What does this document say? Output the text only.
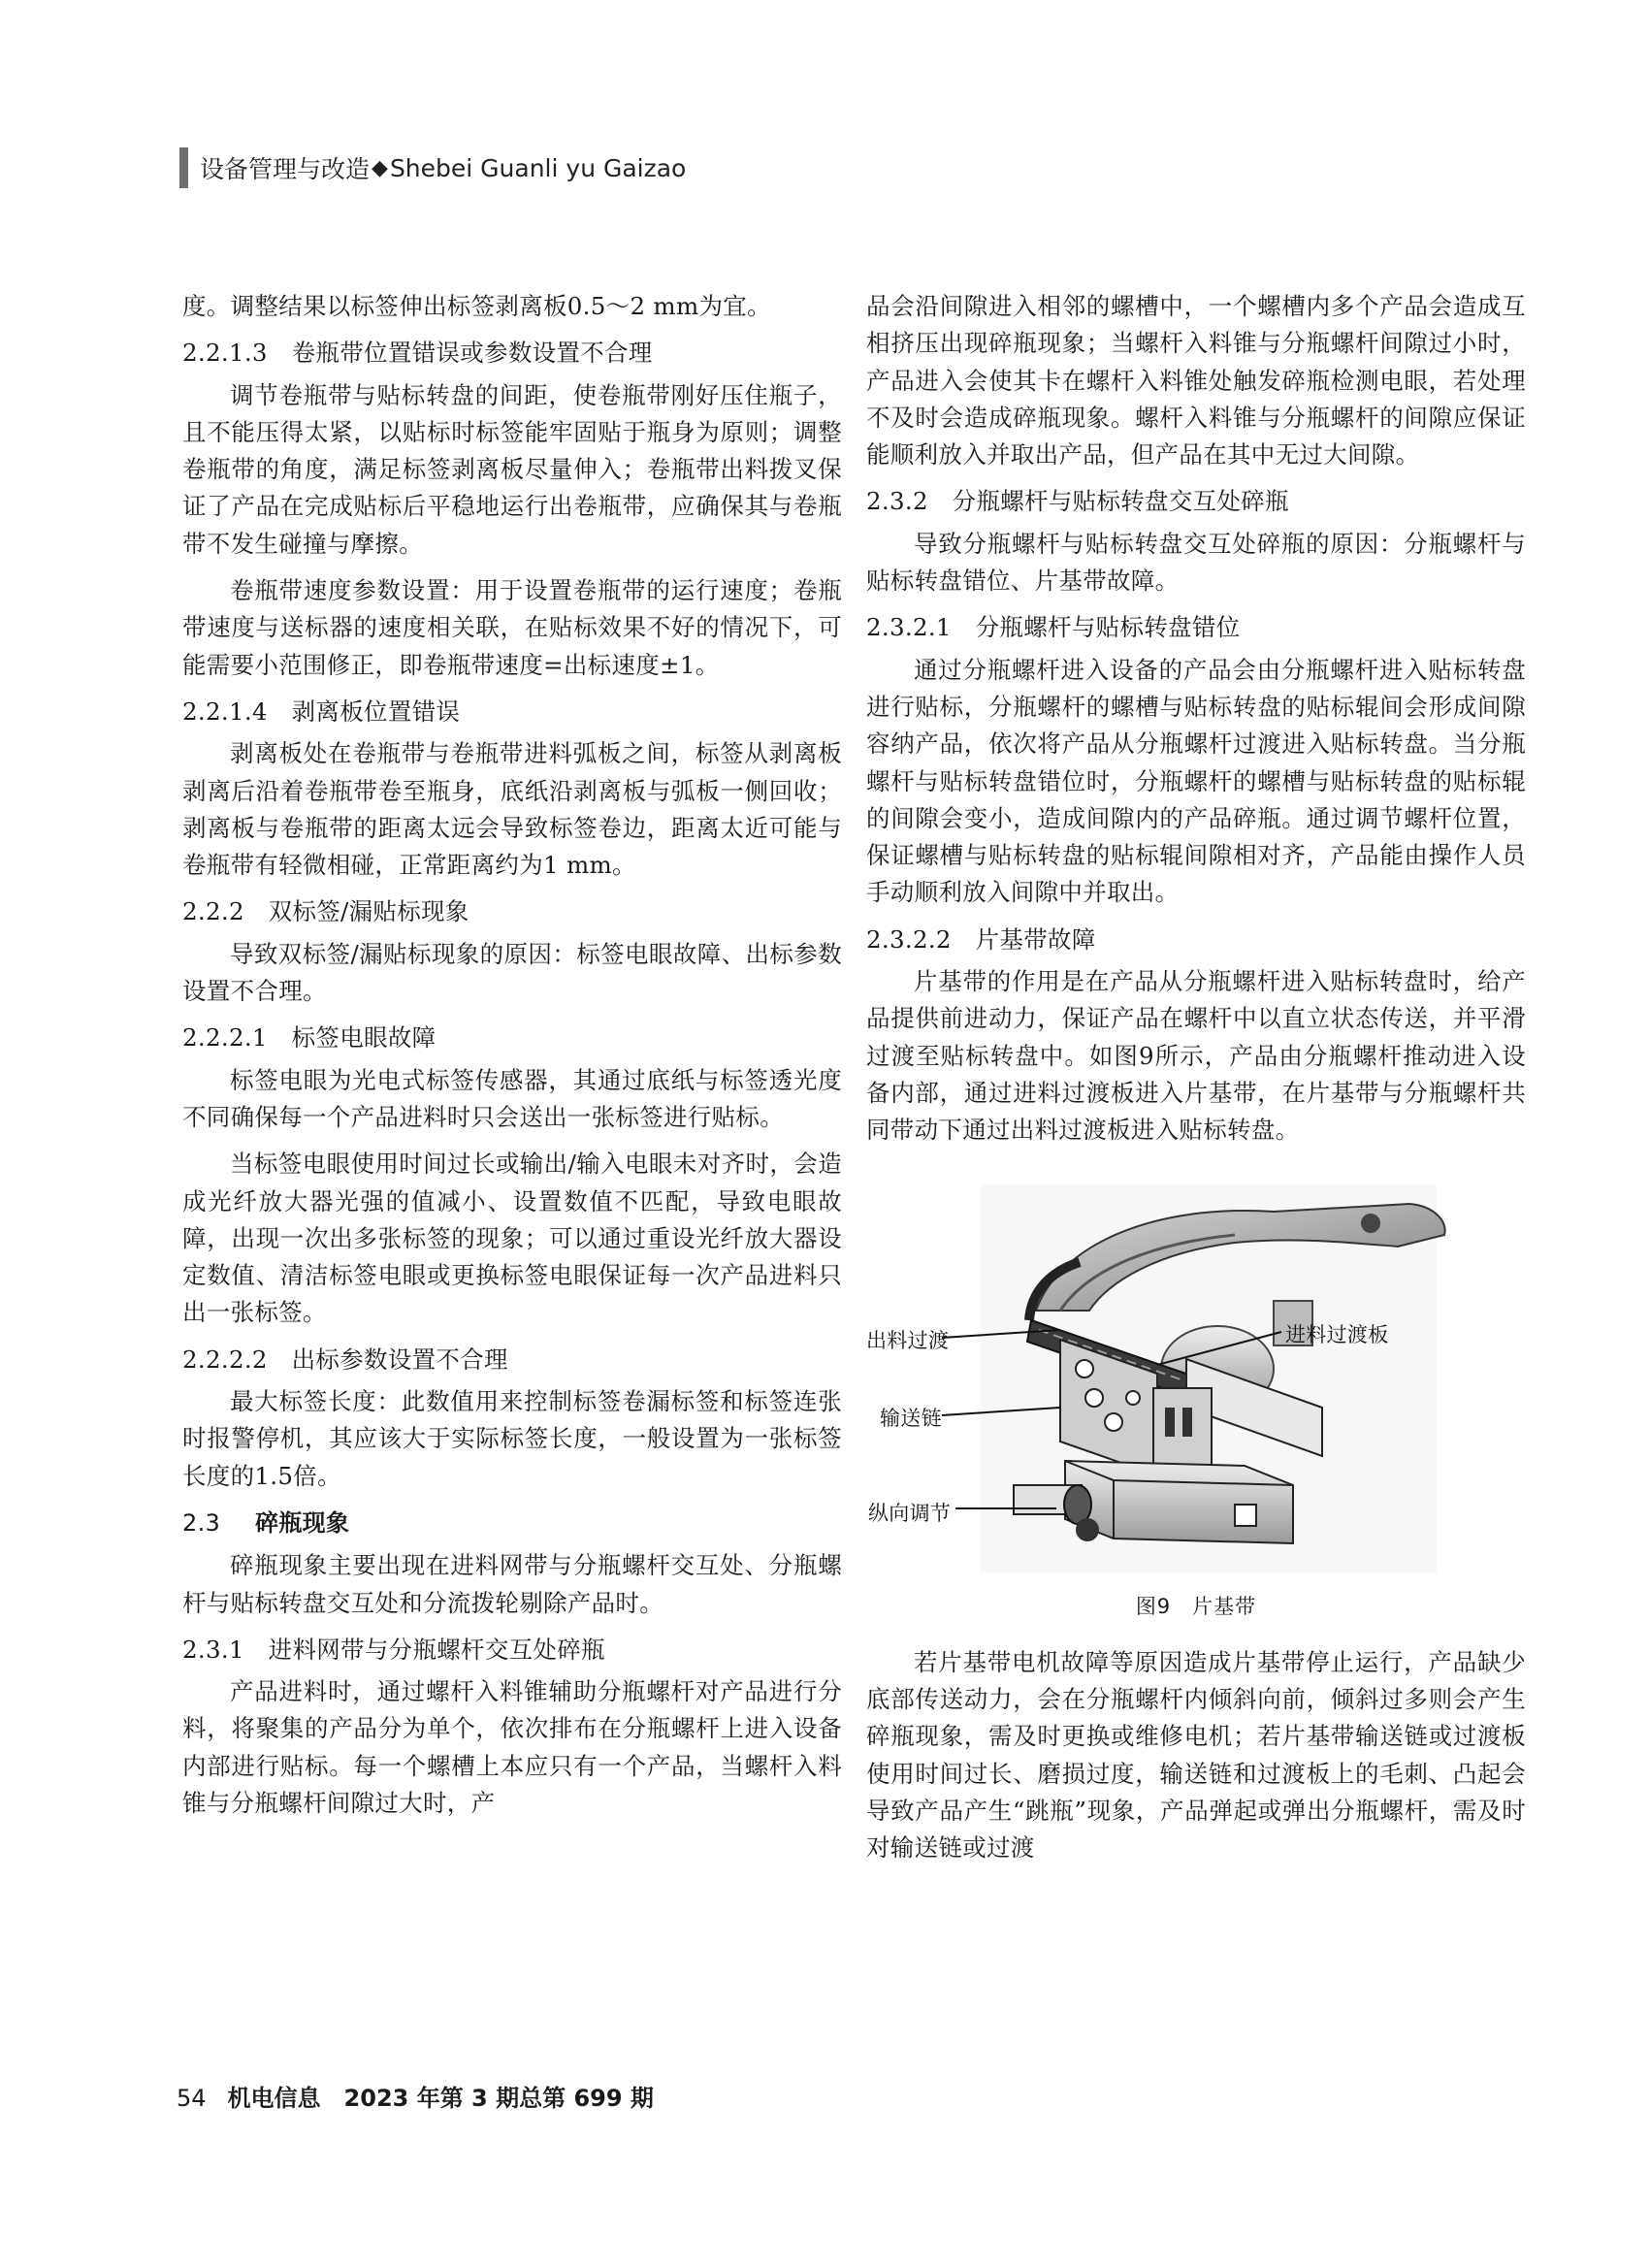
设备管理与改造 ◆ Shebei Guanli yu Gaizao

度。调整结果以标签伸出标签剥离板0.5～2 mm为宜。

2.2.1.3　卷瓶带位置错误或参数设置不合理

调节卷瓶带与贴标转盘的间距，使卷瓶带刚好压住瓶子，且不能压得太紧，以贴标时标签能牢固贴于瓶身为原则；调整卷瓶带的角度，满足标签剥离板尽量伸入；卷瓶带出料拨叉保证了产品在完成贴标后平稳地运行出卷瓶带，应确保其与卷瓶带不发生碰撞与摩擦。

卷瓶带速度参数设置：用于设置卷瓶带的运行速度；卷瓶带速度与送标器的速度相关联，在贴标效果不好的情况下，可能需要小范围修正，即卷瓶带速度=出标速度±1。

2.2.1.4　剥离板位置错误

剥离板处在卷瓶带与卷瓶带进料弧板之间，标签从剥离板剥离后沿着卷瓶带卷至瓶身，底纸沿剥离板与弧板一侧回收；剥离板与卷瓶带的距离太远会导致标签卷边，距离太近可能与卷瓶带有轻微相碰，正常距离约为1 mm。

2.2.2　双标签/漏贴标现象

导致双标签/漏贴标现象的原因：标签电眼故障、出标参数设置不合理。

2.2.2.1　标签电眼故障

标签电眼为光电式标签传感器，其通过底纸与标签透光度不同确保每一个产品进料时只会送出一张标签进行贴标。

当标签电眼使用时间过长或输出/输入电眼未对齐时，会造成光纤放大器光强的值减小、设置数值不匹配，导致电眼故障，出现一次出多张标签的现象；可以通过重设光纤放大器设定数值、清洁标签电眼或更换标签电眼保证每一次产品进料只出一张标签。

2.2.2.2　出标参数设置不合理

最大标签长度：此数值用来控制标签卷漏标签和标签连张时报警停机，其应该大于实际标签长度，一般设置为一张标签长度的1.5倍。

2.3 碎瓶现象

碎瓶现象主要出现在进料网带与分瓶螺杆交互处、分瓶螺杆与贴标转盘交互处和分流拨轮剔除产品时。

2.3.1　进料网带与分瓶螺杆交互处碎瓶

产品进料时，通过螺杆入料锥辅助分瓶螺杆对产品进行分料，将聚集的产品分为单个，依次排布在分瓶螺杆上进入设备内部进行贴标。每一个螺槽上本应只有一个产品，当螺杆入料锥与分瓶螺杆间隙过大时，产

品会沿间隙进入相邻的螺槽中，一个螺槽内多个产品会造成互相挤压出现碎瓶现象；当螺杆入料锥与分瓶螺杆间隙过小时，产品进入会使其卡在螺杆入料锥处触发碎瓶检测电眼，若处理不及时会造成碎瓶现象。螺杆入料锥与分瓶螺杆的间隙应保证能顺利放入并取出产品，但产品在其中无过大间隙。

2.3.2　分瓶螺杆与贴标转盘交互处碎瓶

导致分瓶螺杆与贴标转盘交互处碎瓶的原因：分瓶螺杆与贴标转盘错位、片基带故障。

2.3.2.1　分瓶螺杆与贴标转盘错位

通过分瓶螺杆进入设备的产品会由分瓶螺杆进入贴标转盘进行贴标，分瓶螺杆的螺槽与贴标转盘的贴标辊间会形成间隙容纳产品，依次将产品从分瓶螺杆过渡进入贴标转盘。当分瓶螺杆与贴标转盘错位时，分瓶螺杆的螺槽与贴标转盘的贴标辊的间隙会变小，造成间隙内的产品碎瓶。通过调节螺杆位置，保证螺槽与贴标转盘的贴标辊间隙相对齐，产品能由操作人员手动顺利放入间隙中并取出。

2.3.2.2　片基带故障

片基带的作用是在产品从分瓶螺杆进入贴标转盘时，给产品提供前进动力，保证产品在螺杆中以直立状态传送，并平滑过渡至贴标转盘中。如图9所示，产品由分瓶螺杆推动进入设备内部，通过进料过渡板进入片基带，在片基带与分瓶螺杆共同带动下通过出料过渡板进入贴标转盘。

出料过渡	进料过渡板
输送链
纵向调节
图9　片基带

若片基带电机故障等原因造成片基带停止运行，产品缺少底部传送动力，会在分瓶螺杆内倾斜向前，倾斜过多则会产生碎瓶现象，需及时更换或维修电机；若片基带输送链或过渡板使用时间过长、磨损过度，输送链和过渡板上的毛刺、凸起会导致产品产生“跳瓶”现象，产品弹起或弹出分瓶螺杆，需及时对输送链或过渡

54 机电信息　2023 年第 3 期总第 699 期
